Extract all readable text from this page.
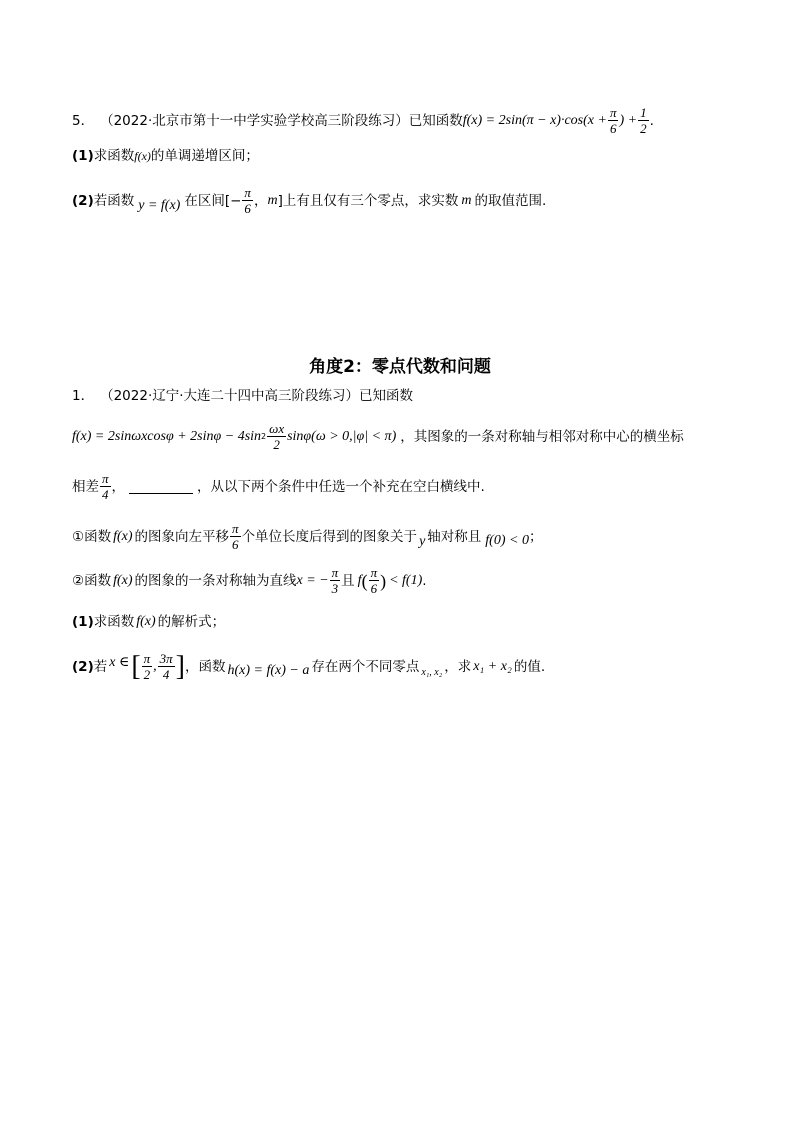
5． （2022·北京市第十一中学实验学校高三阶段练习） 已知函数 $f(x) = 2\sin(\pi - x)\cdot\cos(x + \frac{\pi}{6}$ ) + $\frac{1}{2}$ .
(1) 求函数 f(x) 的单调递增区间；
(2) 若函数 y = f(x) 在区间[− $\frac{\pi}{6}$ ， m ]上有且仅有三个零点，求实数 m 的取值范围.
角度2：零点代数和问题
1． （2022·辽宁·大连二十四中高三阶段练习） 已知函数
f(x) = 2sinωxcosφ + 2sinφ − 4sin $2 \frac{\omega x}{2} \sin\varphi(\omega > 0,|\varphi| < \pi)$ ，其图象的一条对称轴与相邻对称中心的横坐标
相差 $\frac{\pi}{4}$ ，	，从以下两个条件中任选一个补充在空白横线中.
①函数 f(x) 的图象向左平移 $\frac{\pi}{6}$ 个单位长度后得到的图象关于 y 轴对称且 f(0) < 0 ；
②函数 f(x) 的图象的一条对称轴为直线 x = − $\frac{\pi}{3}$ 且 f ( $\frac{\pi}{6}$ ) < f(1) .
(1) 求函数 f(x) 的解析式；
(2) 若 x ∈ [ $\frac{\pi}{2}$ , $\frac{3\pi}{4}$ ] ，函数 h(x) = f(x) − a 存在两个不同零点 x₁, x₂ ，求 x₁ + x₂ 的值.
